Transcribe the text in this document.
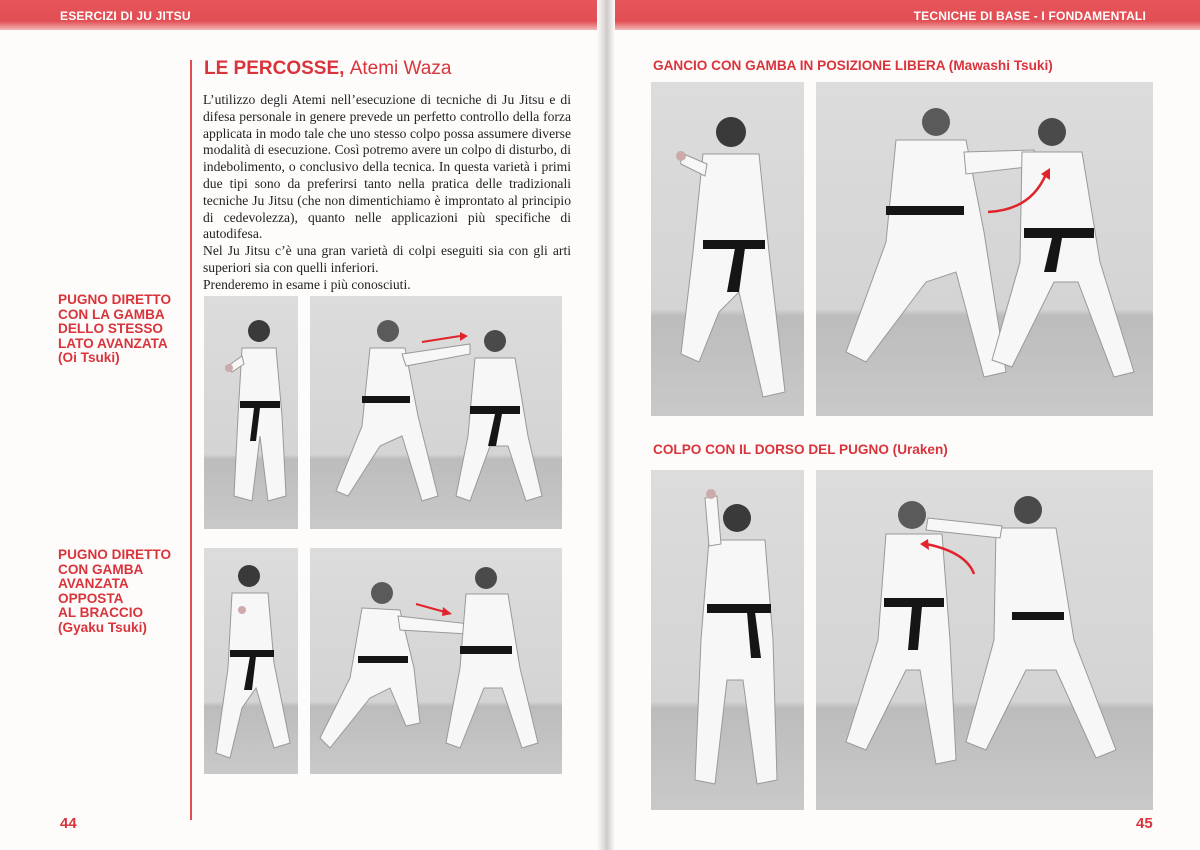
ESERCIZI DI JU JITSU	TECNICHE DI BASE - I FONDAMENTALI
LE PERCOSSE, Atemi Waza

L’utilizzo degli Atemi nell’esecuzione di tecniche di Ju Jitsu e di difesa personale in genere prevede un perfetto controllo della forza applicata in modo tale che uno stesso colpo possa assumere diverse modalità di esecuzione. Così potremo avere un colpo di disturbo, di indebolimento, o conclusivo della tecnica. In questa varietà i primi due tipi sono da preferirsi tanto nella pratica delle tradizionali tecniche Ju Jitsu (che non dimentichiamo è improntato al principio di cedevolezza), quanto nelle applicazioni più specifiche di autodifesa.

Nel Ju Jitsu c’è una gran varietà di colpi eseguiti sia con gli arti superiori sia con quelli inferiori.

Prenderemo in esame i più conosciuti.

PUGNO DIRETTO
CON LA GAMBA
DELLO STESSO
LATO AVANZATA
(Oi Tsuki)
PUGNO DIRETTO
CON GAMBA
AVANZATA
OPPOSTA
AL BRACCIO
(Gyaku Tsuki)
44
GANCIO CON GAMBA IN POSIZIONE LIBERA (Mawashi Tsuki)
COLPO CON IL DORSO DEL PUGNO (Uraken)
45
